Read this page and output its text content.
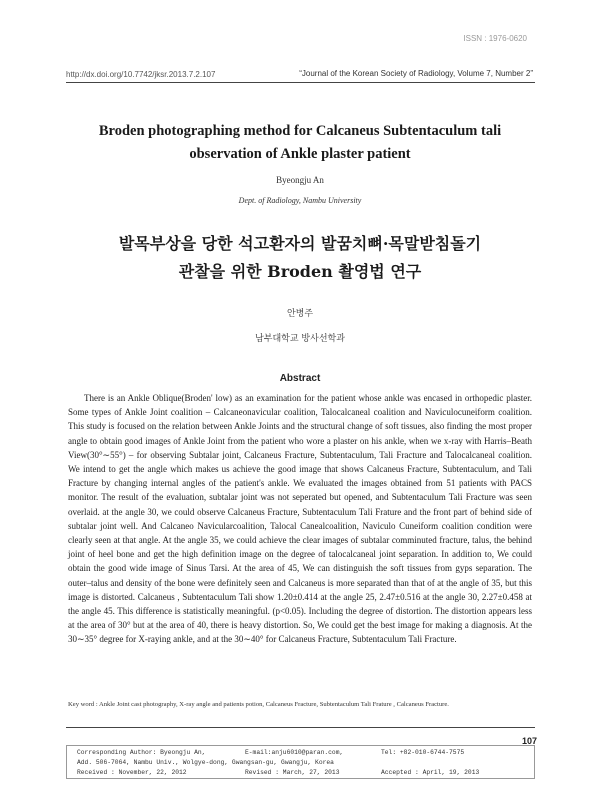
ISSN : 1976-0620
http://dx.doi.org/10.7742/jksr.2013.7.2.107	“Journal of the Korean Society of Radiology, Volume 7, Number 2”
Broden photographing method for Calcaneus Subtentaculum tali
observation of Ankle plaster patient
Byeongju An
Dept. of Radiology, Nambu University
발목부상을 당한 석고환자의 발꿈치뼈·목말받침돌기
관찰을 위한 Broden 촬영법 연구
안병주
남부대학교 방사선학과
Abstract

There is an Ankle Oblique(Broden' low) as an examination for the patient whose ankle was encased in orthopedic plaster. Some types of Ankle Joint coalition – Calcaneonavicular coalition, Talocalcaneal coalition and Naviculocuneiform coalition. This study is focused on the relation between Ankle Joints and the structural change of soft tissues, also finding the most proper angle to obtain good images of Ankle Joint from the patient who wore a plaster on his ankle, when we x-ray with Harris–Beath View(30°∼55°) – for observing Subtalar joint, Calcaneus Fracture, Subtentaculum, Tali Fracture and Talocalcaneal coalition. We intend to get the angle which makes us achieve the good image that shows Calcaneus Fracture, Subtentaculum, and Tali Fracture by changing internal angles of the patient's ankle. We evaluated the images obtained from 51 patients with PACS monitor. The result of the evaluation, subtalar joint was not seperated but opened, and Subtentaculum Tali Fracture was seen overlaid. at the angle 30, we could observe Calcaneus Fracture, Subtentaculum Tali Frature and the front part of behind side of subtalar joint well. And Calcaneo Navicularcoalition, Talocal Canealcoalition, Naviculo Cuneiform coalition condition were clearly seen at that angle. At the angle 35, we could achieve the clear images of subtalar comminuted fracture, talus, the behind joint of heel bone and get the high definition image on the degree of talocalcaneal joint separation. In addition to, We could obtain the good wide image of Sinus Tarsi. At the area of 45, We can distinguish the soft tissues from gyps separation. The outer–talus and density of the bone were definitely seen and Calcaneus is more separated than that of at the angle of 35, but this image is distorted. Calcaneus , Subtentaculum Tali show 1.20±0.414 at the angle 25, 2.47±0.516 at the angle 30, 2.27±0.458 at the angle 45. This difference is statistically meaningful. (p<0.05). Including the degree of distortion. The distortion appears less at the area of 30° but at the area of 40, there is heavy distortion. So, We could get the best image for making a diagnosis. At the 30∼35° degree for X-raying ankle, and at the 30∼40° for Calcaneus Fracture, Subtentaculum Tali Fracture.

Key word : Ankle Joint cast photography, X-ray angle and patients potion, Calcaneus Fracture, Subtentaculum Tali Frature , Calcaneus Fracture.
107
Corresponding Author: Byeongju An,	E-mail:anju6010@paran.com,	Tel: +82-010-6744-7575
Add. 506-7064, Nambu Univ., Wolgye-dong, Gwangsan-gu, Gwangju, Korea
Received : November, 22, 2012	Revised : March, 27, 2013	Accepted : April, 19, 2013
